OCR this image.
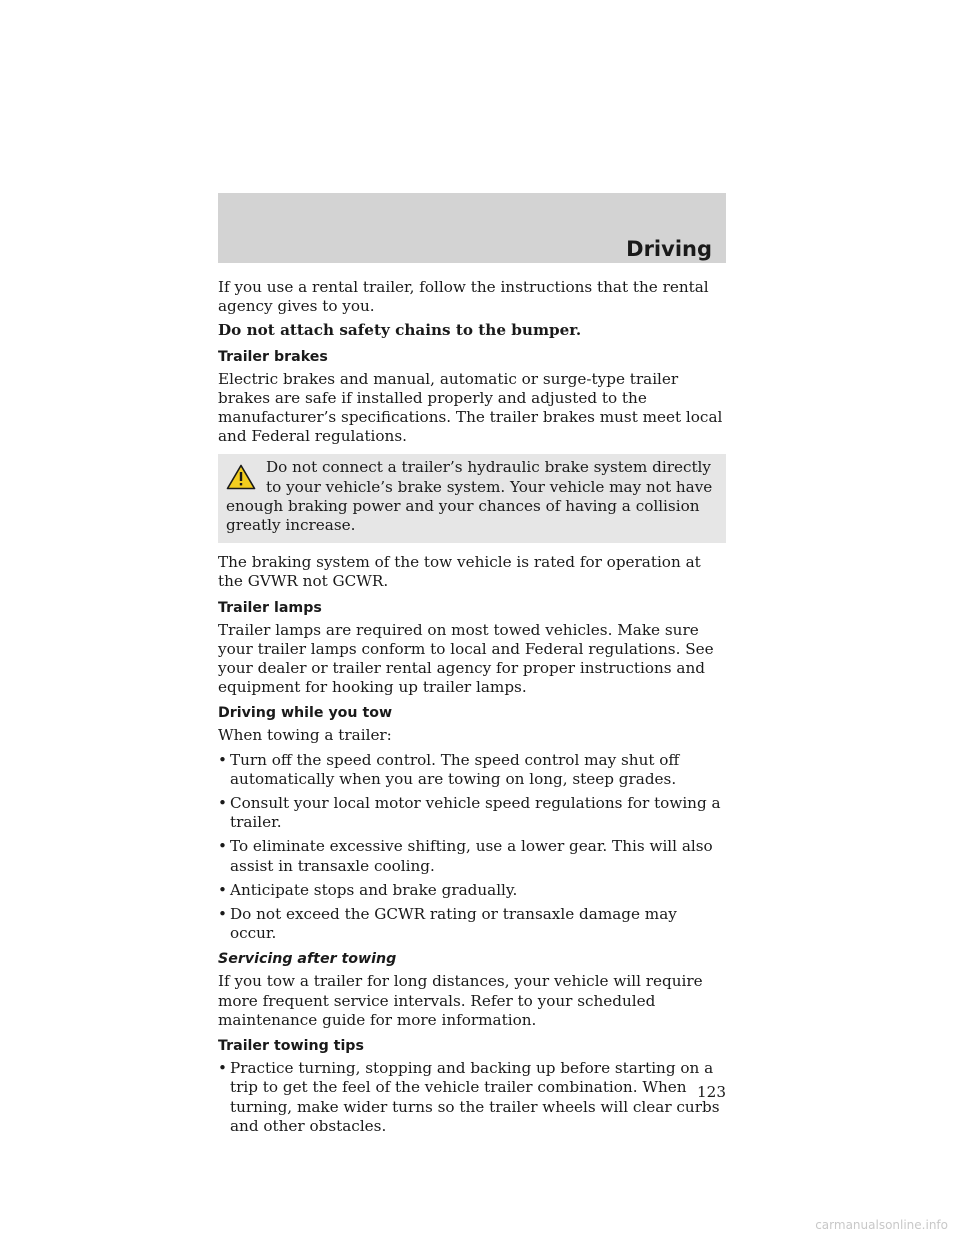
Driving

If you use a rental trailer, follow the instructions that the rental agency gives to you.

Do not attach safety chains to the bumper.

Trailer brakes

Electric brakes and manual, automatic or surge-type trailer brakes are safe if installed properly and adjusted to the manufacturer’s specifications. The trailer brakes must meet local and Federal regulations.

Do not connect a trailer’s hydraulic brake system directly to your vehicle’s brake system. Your vehicle may not have enough braking power and your chances of having a collision greatly increase.

The braking system of the tow vehicle is rated for operation at the GVWR not GCWR.

Trailer lamps

Trailer lamps are required on most towed vehicles. Make sure your trailer lamps conform to local and Federal regulations. See your dealer or trailer rental agency for proper instructions and equipment for hooking up trailer lamps.

Driving while you tow

When towing a trailer:

• Turn off the speed control. The speed control may shut off automatically when you are towing on long, steep grades.
• Consult your local motor vehicle speed regulations for towing a trailer.
• To eliminate excessive shifting, use a lower gear. This will also assist in transaxle cooling.
• Anticipate stops and brake gradually.
• Do not exceed the GCWR rating or transaxle damage may occur.
Servicing after towing

If you tow a trailer for long distances, your vehicle will require more frequent service intervals. Refer to your scheduled maintenance guide for more information.

Trailer towing tips
• Practice turning, stopping and backing up before starting on a trip to get the feel of the vehicle trailer combination. When turning, make wider turns so the trailer wheels will clear curbs and other obstacles.
123
carmanualsonline.info
